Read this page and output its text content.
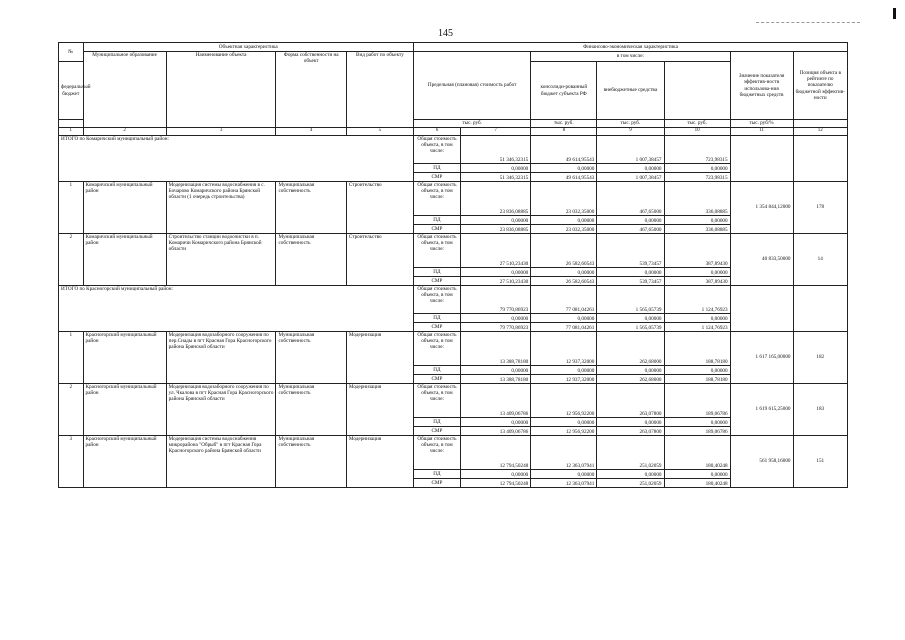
145
№	Объектная характеристика				Финансово-экономическая характеристика						
	Муниципальное образование	Наименование объекта	Форма собственности на объект	Вид работ по объекту	Предельная (плановая) стоимость работ		в том числе:			Значение показателя эффектив-ности использова-ния бюджетных средств	Позиция объекта в рейтинге по показателю бюджетной эффектив-ности
федеральный бюджет							консолиди-рованный бюджет субъекта РФ	внебюджетные средства			
					тыс. руб.		тыс. руб.	тыс. руб.	тыс. руб.	тыс. руб/%	
1	2	3	4	5	6	7	8	9	10	11	12
ИТОГО по Комаричский муниципальный район:					Общая стоимость объекта, в том числе:	51 346,32315	49 614,95543	1 007,38457	723,98315		
					ПД	0,00000	0,00000	0,00000	0,00000		
					СМР	51 346,32315	49 614,95543	1 007,38457	723,98315		
1	Комаричский муниципальный район	Модернизация системы водоснабжения в с. Бочарово Комаричского района Брянской области (1 очередь строительства)	Муниципальная собственность	Строительство	Общая стоимость объекта, в том числе:	23 836,08885	23 032,35000	467,65000	336,08885	1 354 844,12000	178
					ПД	0,00000	0,00000	0,00000	0,00000		
					СМР	23 836,08885	23 032,35000	467,65000	336,08885		
2	Комаричский муниципальный район	Строительство станции водоочистки в п. Комаричи Комаричского района Брянской области	Муниципальная собственность	Строительство	Общая стоимость объекта, в том числе:	27 510,23430	26 582,60543	539,73457	387,89430	40 833,50000	14
					ПД	0,00000	0,00000	0,00000	0,00000		
					СМР	27 510,23430	26 582,60543	539,73457	387,89430		
ИТОГО по Красногорский муниципальный район:					Общая стоимость объекта, в том числе:	79 770,86923	77 081,04261	1 565,05739	1 124,76923		
					ПД	0,00000	0,00000	0,00000	0,00000		
					СМР	79 770,86923	77 081,04261	1 565,05739	1 124,76923		
1	Красногорский муниципальный район	Модернизация водозаборного сооружения по пер.Сиады в пгт Красная Гора Красногорского района Брянской области	Муниципальная собственность	Модернизация	Общая стоимость объекта, в том числе:	13 388,78180	12 937,32000	262,68000	188,78180	1 617 165,00000	182
					ПД	0,00000	0,00000	0,00000	0,00000		
					СМР	13 388,78180	12 937,32000	262,68000	188,78180		
2	Красногорский муниципальный район	Модернизация водозаборного сооружения по ул. Чкалова в пгт Красная Гора Красногорского района Брянской области	Муниципальная собственность	Модернизация	Общая стоимость объекта, в том числе:	13 409,06786	12 956,92200	263,07800	189,06786	1 619 615,25000	183
					ПД	0,00000	0,00000	0,00000	0,00000		
					СМР	13 409,06786	12 956,92200	263,07800	189,06786		
3	Красногорский муниципальный район	Модернизация системы водоснабжения микрорайона "Обрыб" в пгт Красная Гора Красногорского района Брянской области	Муниципальная собственность	Модернизация	Общая стоимость объекта, в том числе:	12 794,50248	12 363,07941	251,02059	180,40248	561 958,16000	151
					ПД	0,00000	0,00000	0,00000	0,00000		
					СМР	12 794,50248	12 363,07941	251,02059	180,40248		
